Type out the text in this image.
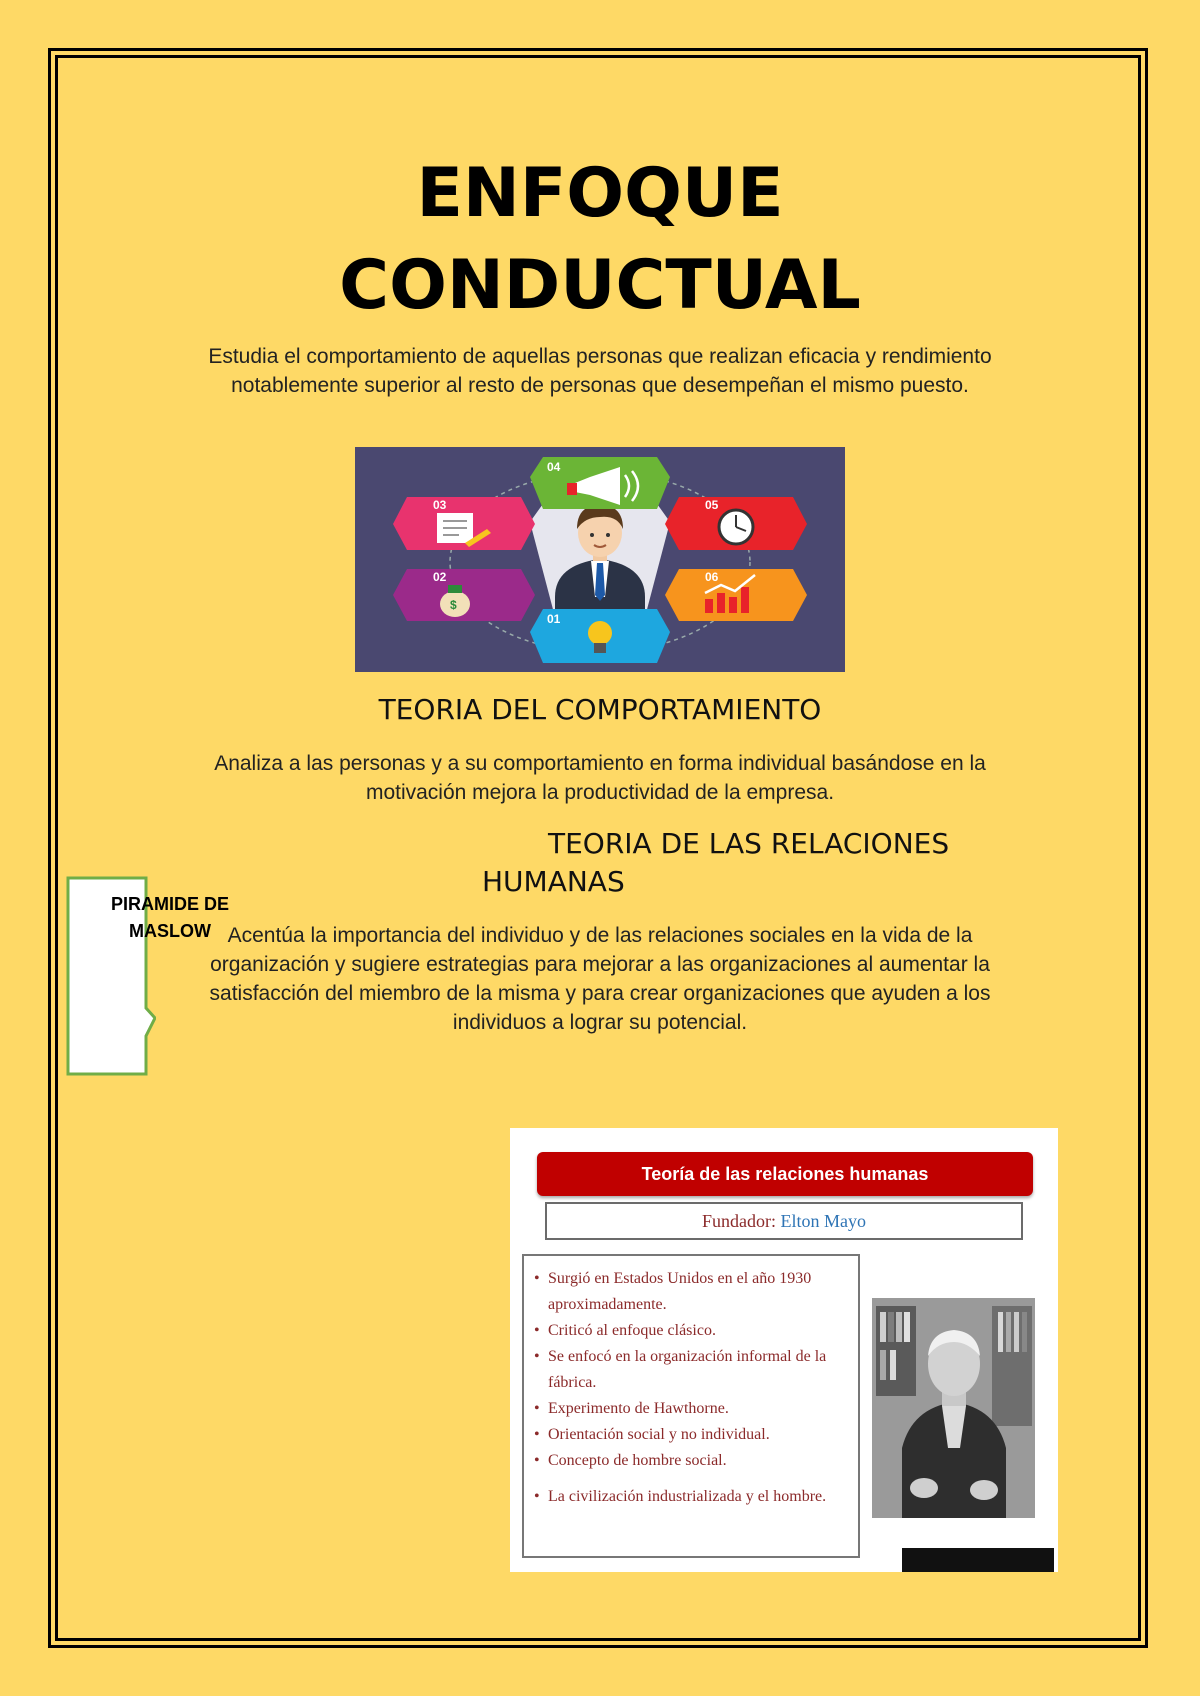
ENFOQUE
CONDUCTUAL

Estudia el comportamiento de aquellas personas que realizan eficacia y rendimiento notablemente superior al resto de personas que desempeñan el mismo puesto.

04
03	05
02
$
06
01
TEORIA DEL COMPORTAMIENTO

Analiza a las personas y a su comportamiento en forma individual basándose en la motivación mejora la productividad de la empresa.

TEORIA DE LAS RELACIONES
HUMANAS

Acentúa la importancia del individuo y de las relaciones sociales en la vida de la organización y sugiere estrategias para mejorar a las organizaciones al aumentar la satisfacción del miembro de la misma y para crear organizaciones que ayuden a los individuos a lograr su potencial.

PIRAMIDE DE
MASLOW

Teoría de las relaciones humanas
Fundador: Elton Mayo
• Surgió en Estados Unidos en el año 1930 aproximadamente.
• Criticó al enfoque clásico.
• Se enfocó en la organización informal de la fábrica.
• Experimento de Hawthorne.
• Orientación social y no individual.
• Concepto de hombre social.
• La civilización industrializada y el hombre.
